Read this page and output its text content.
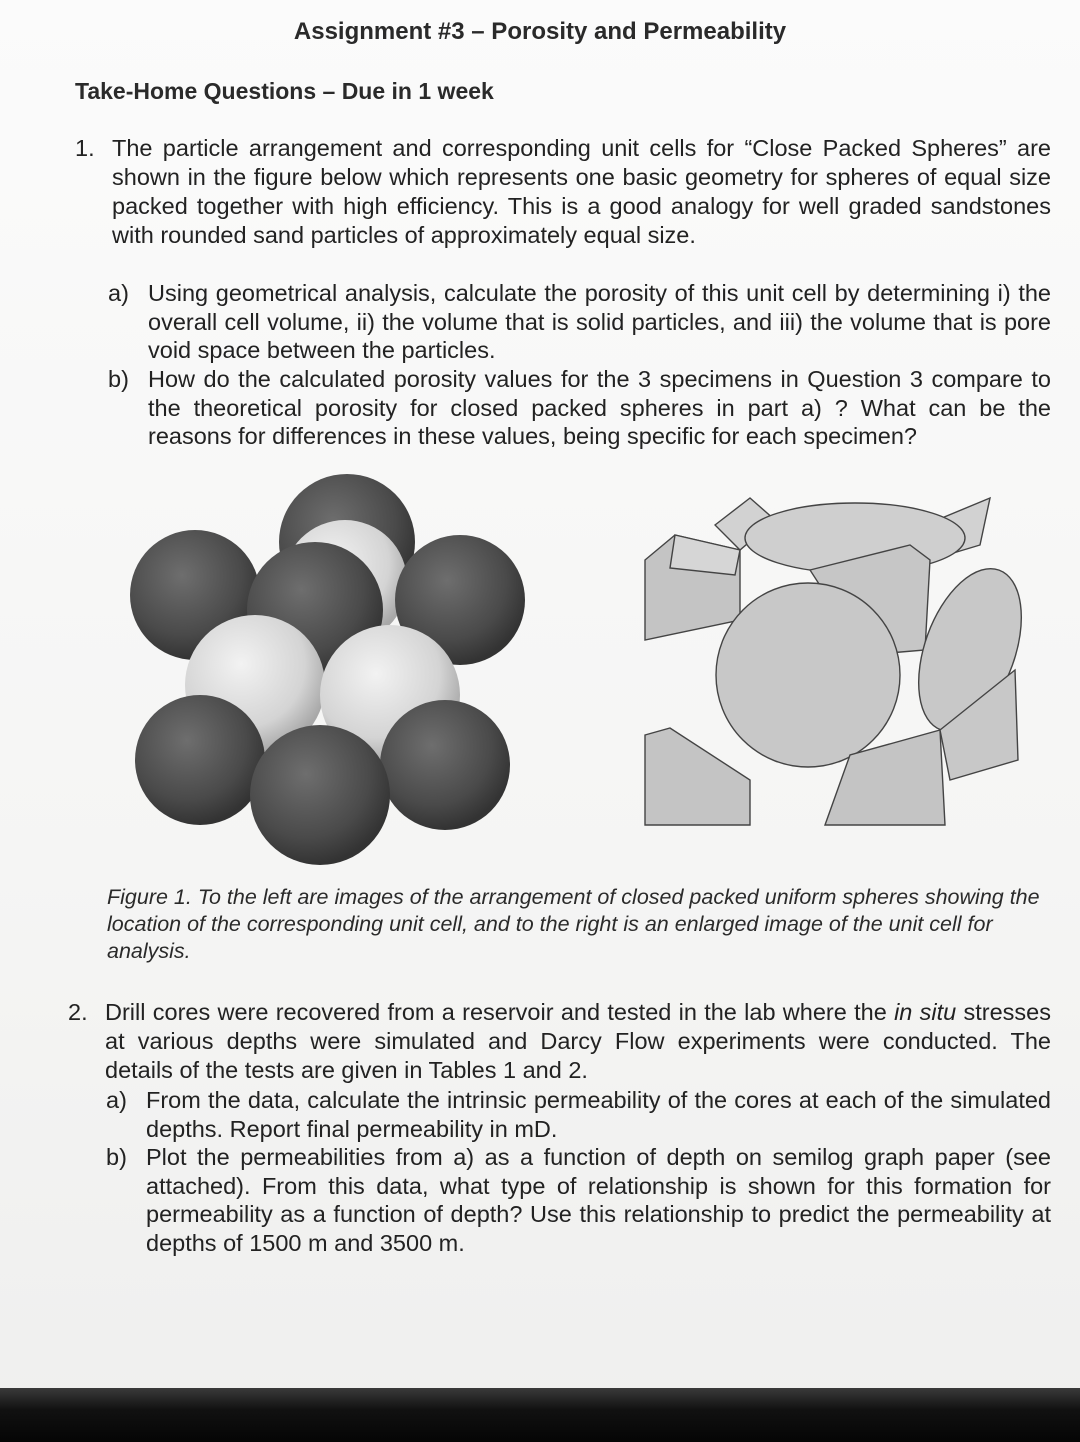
Assignment #3 – Porosity and Permeability
Take-Home Questions – Due in 1 week
1. The particle arrangement and corresponding unit cells for “Close Packed Spheres” are shown in the figure below which represents one basic geometry for spheres of equal size packed together with high efficiency. This is a good analogy for well graded sandstones with rounded sand particles of approximately equal size.
a) Using geometrical analysis, calculate the porosity of this unit cell by determining i) the overall cell volume, ii) the volume that is solid particles, and iii) the volume that is pore void space between the particles.
b) How do the calculated porosity values for the 3 specimens in Question 3 compare to the theoretical porosity for closed packed spheres in part a) ? What can be the reasons for differences in these values, being specific for each specimen?
Figure 1. To the left are images of the arrangement of closed packed uniform spheres showing the location of the corresponding unit cell, and to the right is an enlarged image of the unit cell for analysis.
2. Drill cores were recovered from a reservoir and tested in the lab where the in situ stresses at various depths were simulated and Darcy Flow experiments were conducted. The details of the tests are given in Tables 1 and 2.
a) From the data, calculate the intrinsic permeability of the cores at each of the simulated depths. Report final permeability in mD.
b) Plot the permeabilities from a) as a function of depth on semilog graph paper (see attached). From this data, what type of relationship is shown for this formation for permeability as a function of depth? Use this relationship to predict the permeability at depths of 1500 m and 3500 m.
